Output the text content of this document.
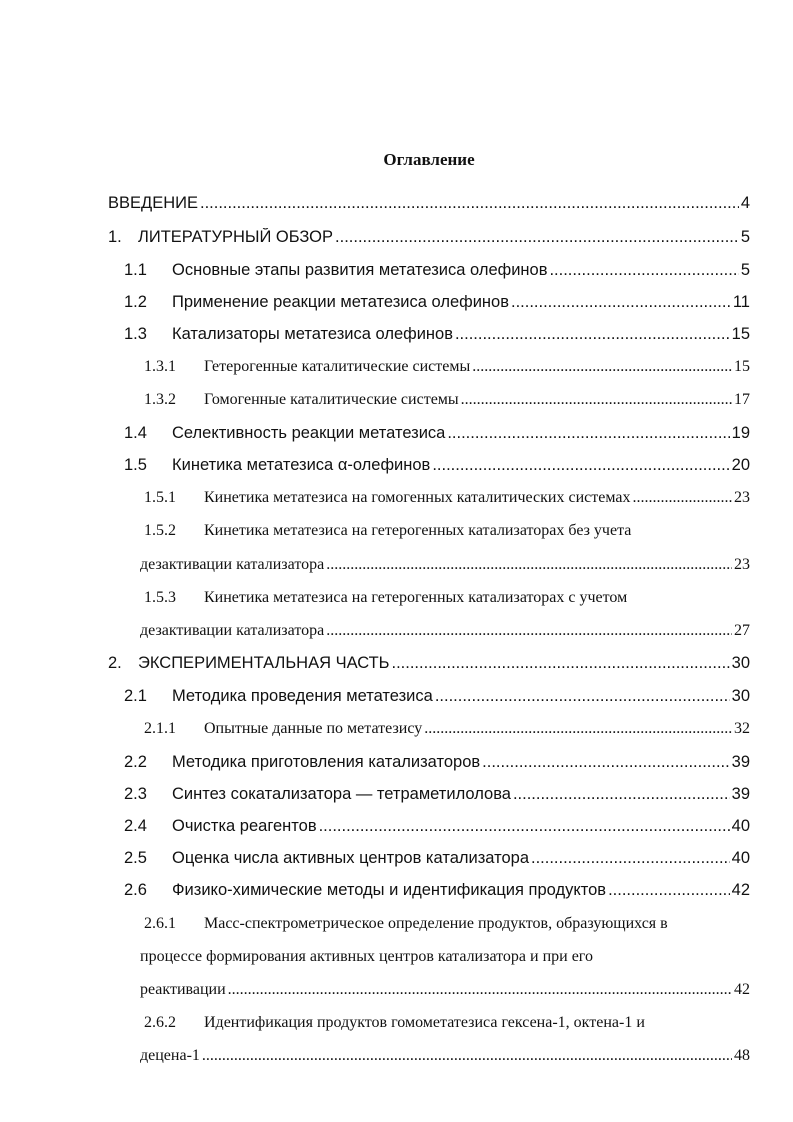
Оглавление
ВВЕДЕНИЕ .....	4
1. ЛИТЕРАТУРНЫЙ ОБЗОР .....	5
1.1	Основные этапы развития метатезиса олефинов .....	5
1.2	Применение реакции метатезиса олефинов .....	11
1.3	Катализаторы метатезиса олефинов .....	15
1.3.1	Гетерогенные каталитические системы .....	15
1.3.2	Гомогенные каталитические системы .....	17
1.4	Селективность реакции метатезиса .....	19
1.5	Кинетика метатезиса α-олефинов .....	20
1.5.1	Кинетика метатезиса на гомогенных каталитических системах .....	23
1.5.2 Кинетика метатезиса на гетерогенных катализаторах без учета
дезактивации катализатора .....	23
1.5.3 Кинетика метатезиса на гетерогенных катализаторах с учетом
дезактивации катализатора .....	27
2. ЭКСПЕРИМЕНТАЛЬНАЯ ЧАСТЬ .....	30
2.1	Методика проведения метатезиса .....	30
2.1.1	Опытные данные по метатезису .....	32
2.2	Методика приготовления катализаторов .....	39
2.3	Синтез сокатализатора — тетраметилолова .....	39
2.4	Очистка реагентов .....	40
2.5	Оценка числа активных центров катализатора .....	40
2.6	Физико-химические методы и идентификация продуктов .....	42
2.6.1 Масс-спектрометрическое определение продуктов, образующихся в
процессе формирования активных центров катализатора и при его
реактивации .....	42
2.6.2 Идентификация продуктов гомометатезиса гексена-1, октена-1 и
децена-1 .....	48
